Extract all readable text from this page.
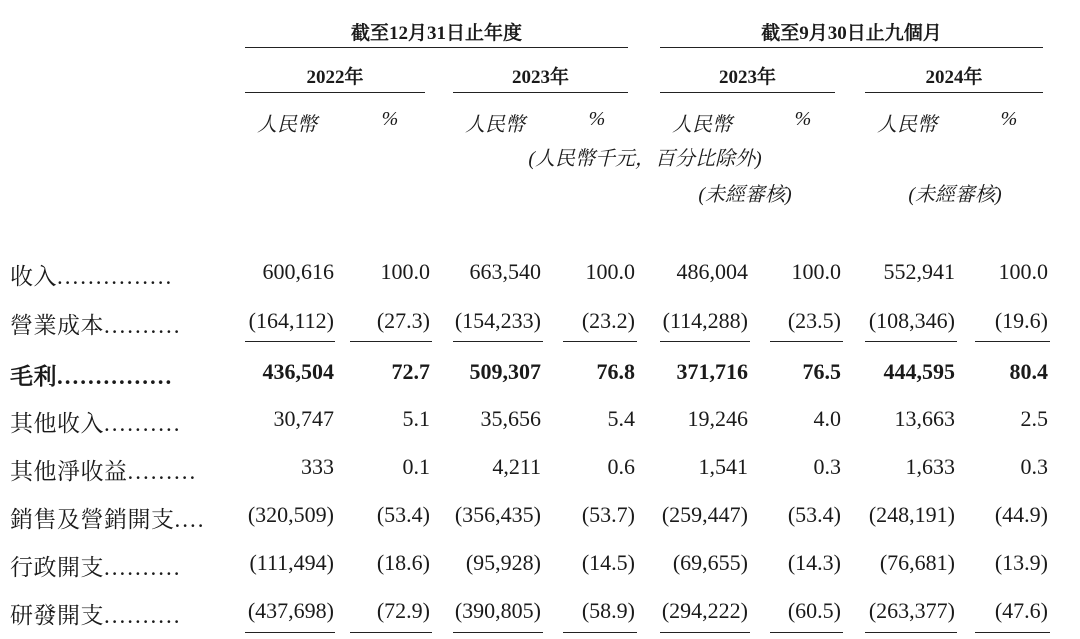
截至12月31日止年度	截至9月30日止九個月
2022年	2023年	2023年	2024年
人民幣	%	人民幣	%	人民幣	%	人民幣	%
(人民幣千元，百分比除外)
(未經審核)	(未經審核)
收入...............	600,616 100.0 663,540 100.0 486,004 100.0 552,941 100.0
營業成本..........	(164,112) (27.3) (154,233) (23.2) (114,288) (23.5) (108,346) (19.6)
毛利...............	436,504	72.7 509,307	76.8 371,716 76.5 444,595 80.4
其他收入..........	30,747	5.1 35,656	5.4 19,246	4.0 13,663	2.5
其他淨收益.........	333	0.1	4,211	0.6	1,541	0.3	1,633	0.3
銷售及營銷開支.... (320,509) (53.4) (356,435) (53.7) (259,447) (53.4) (248,191) (44.9)
行政開支..........	(111,494) (18.6) (95,928) (14.5) (69,655) (14.3) (76,681) (13.9)
研發開支..........	(437,698) (72.9) (390,805) (58.9) (294,222) (60.5) (263,377) (47.6)
